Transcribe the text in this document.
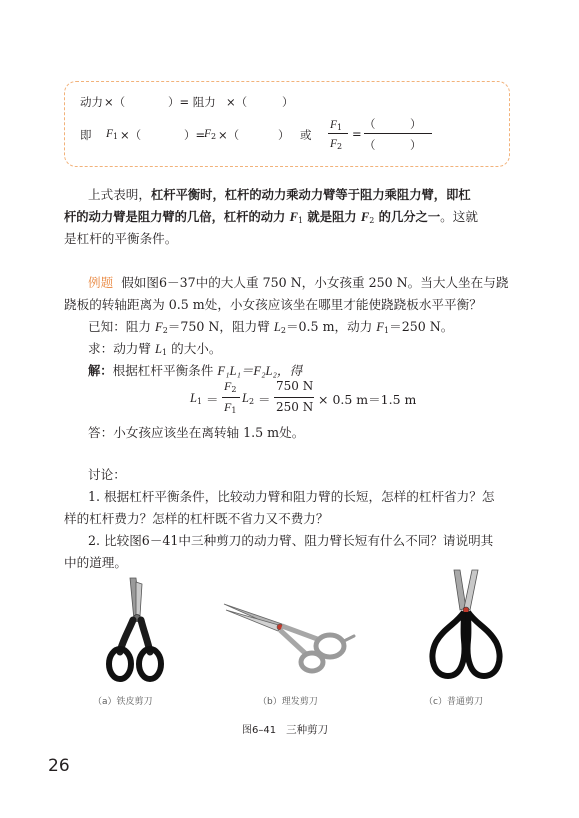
动力 ×（	）= 阻力 ×（	）
即 $F_1$ ×（	）=
$F_2$ ×（	） 或
$F_1$
$F_2$
=
（　　　）
（　　　）
上式表明，杠杆平衡时，杠杆的动力乘动力臂等于阻力乘阻力臂，即杠
杆的动力臂是阻力臂的几倍，杠杆的动力 $F_1$ 就是阻力 $F_2$ 的几分之一。这就
是杠杆的平衡条件。
例题 假如图6－37中的大人重 750 N，小女孩重 250 N。当大人坐在与跷
跷板的转轴距离为 0.5 m处，小女孩应该坐在哪里才能使跷跷板水平平衡？
已知：阻力 $F_2=750$ N，阻力臂 $L_2=0.5$ m，动力 $F_1=250$ N。
求：动力臂 $L_1$ 的大小。
解：根据杠杆平衡条件 F₁L₁＝F₂L₂，得
$L_1$ ＝
$F_2$
$F_1$
$L_2$ ＝
750 N
250 N × 0.5 m＝1.5 m
答：小女孩应该坐在离转轴 1.5 m处。
讨论：
1. 根据杠杆平衡条件，比较动力臂和阻力臂的长短，怎样的杠杆省力？怎
样的杠杆费力？怎样的杠杆既不省力又不费力？
2. 比较图6－41中三种剪刀的动力臂、阻力臂长短有什么不同？请说明其
中的道理。
（a）铁皮剪刀	（b）理发剪刀	（c）普通剪刀
图6–41 三种剪刀
26
